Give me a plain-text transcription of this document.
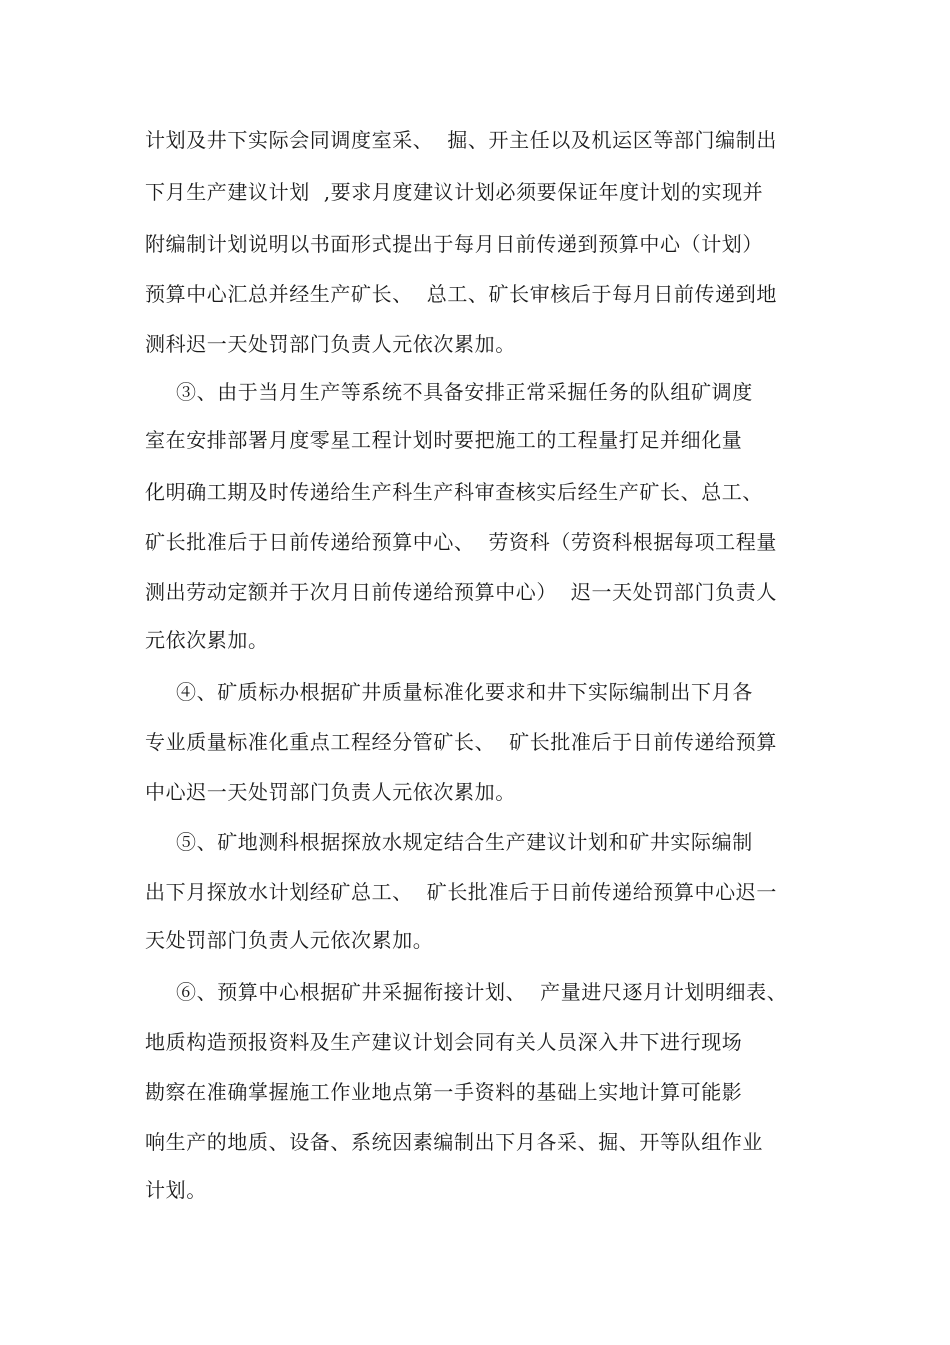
计划及井下实际会同调度室采、  掘、开主任以及机运区等部门编制出
下月生产建议计划  ,要求月度建议计划必须要保证年度计划的实现并
附编制计划说明以书面形式提出于每月日前传递到预算中心（计划）
预算中心汇总并经生产矿长、  总工、矿长审核后于每月日前传递到地
测科迟一天处罚部门负责人元依次累加。
③、由于当月生产等系统不具备安排正常采掘任务的队组矿调度
室在安排部署月度零星工程计划时要把施工的工程量打足并细化量
化明确工期及时传递给生产科生产科审查核实后经生产矿长、总工、
矿长批准后于日前传递给预算中心、  劳资科（劳资科根据每项工程量
测出劳动定额并于次月日前传递给预算中心）  迟一天处罚部门负责人
元依次累加。
④、矿质标办根据矿井质量标准化要求和井下实际编制出下月各
专业质量标准化重点工程经分管矿长、  矿长批准后于日前传递给预算
中心迟一天处罚部门负责人元依次累加。
⑤、矿地测科根据探放水规定结合生产建议计划和矿井实际编制
出下月探放水计划经矿总工、  矿长批准后于日前传递给预算中心迟一
天处罚部门负责人元依次累加。
⑥、预算中心根据矿井采掘衔接计划、  产量进尺逐月计划明细表、
地质构造预报资料及生产建议计划会同有关人员深入井下进行现场
勘察在准确掌握施工作业地点第一手资料的基础上实地计算可能影
响生产的地质、设备、系统因素编制出下月各采、掘、开等队组作业
计划。
